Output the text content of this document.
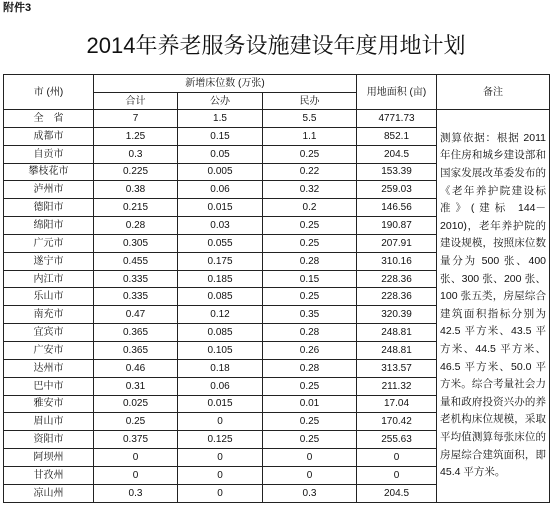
附件3
2014年养老服务设施建设年度用地计划
市 (州)	新增床位数 (万张)			用地面积 (亩)	备注
	合计	公办	民办		
全　省	7	1.5	5.5	4771.73	测算依据：根据 2011 年住房和城乡建设部和国家发展改革委发布的《老年养护院建设标准》(建标 144－2010)，老年养护院的建设规模，按照床位数量分为 500 张、400 张、300 张、200 张、100 张五类，房屋综合建筑面积指标分别为 42.5 平方米、43.5 平方米、44.5 平方米、46.5 平方米、50.0 平方米。综合考量社会力量和政府投资兴办的养老机构床位规模，采取平均值测算每张床位的房屋综合建筑面积，即 45.4 平方米。
成都市	1.25	0.15	1.1	852.1	
自贡市	0.3	0.05	0.25	204.5	
攀枝花市	0.225	0.005	0.22	153.39	
泸州市	0.38	0.06	0.32	259.03	
德阳市	0.215	0.015	0.2	146.56	
绵阳市	0.28	0.03	0.25	190.87	
广元市	0.305	0.055	0.25	207.91	
遂宁市	0.455	0.175	0.28	310.16	
内江市	0.335	0.185	0.15	228.36	
乐山市	0.335	0.085	0.25	228.36	
南充市	0.47	0.12	0.35	320.39	
宜宾市	0.365	0.085	0.28	248.81	
广安市	0.365	0.105	0.26	248.81	
达州市	0.46	0.18	0.28	313.57	
巴中市	0.31	0.06	0.25	211.32	
雅安市	0.025	0.015	0.01	17.04	
眉山市	0.25	0	0.25	170.42	
资阳市	0.375	0.125	0.25	255.63	
阿坝州	0	0	0	0	
甘孜州	0	0	0	0	
凉山州	0.3	0	0.3	204.5	
